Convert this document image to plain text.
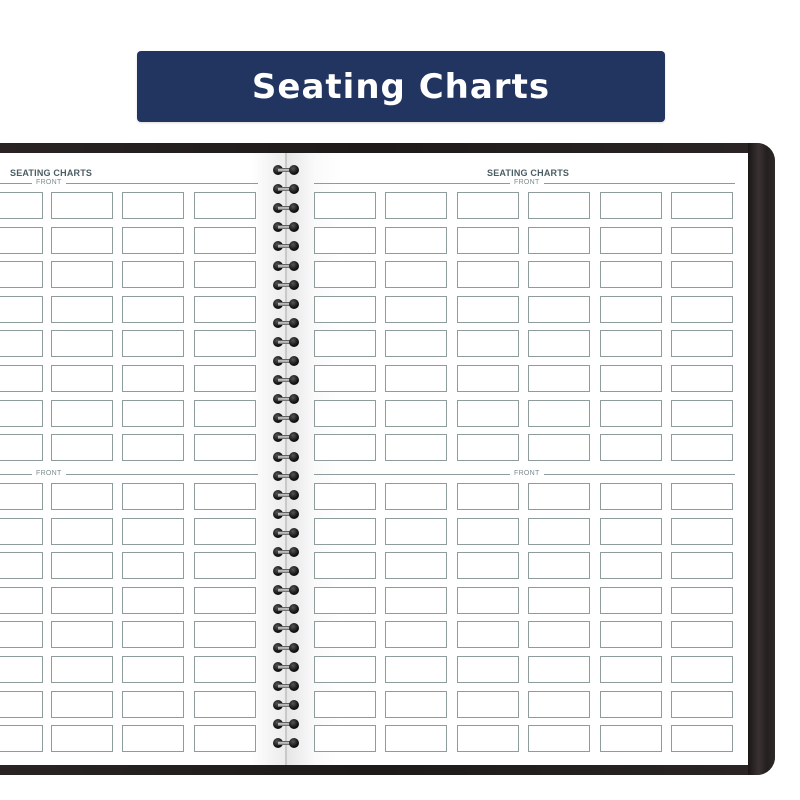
Seating Charts
SEATING CHARTS	SEATING CHARTS
FRONT
FRONT
FRONT
FRONT
